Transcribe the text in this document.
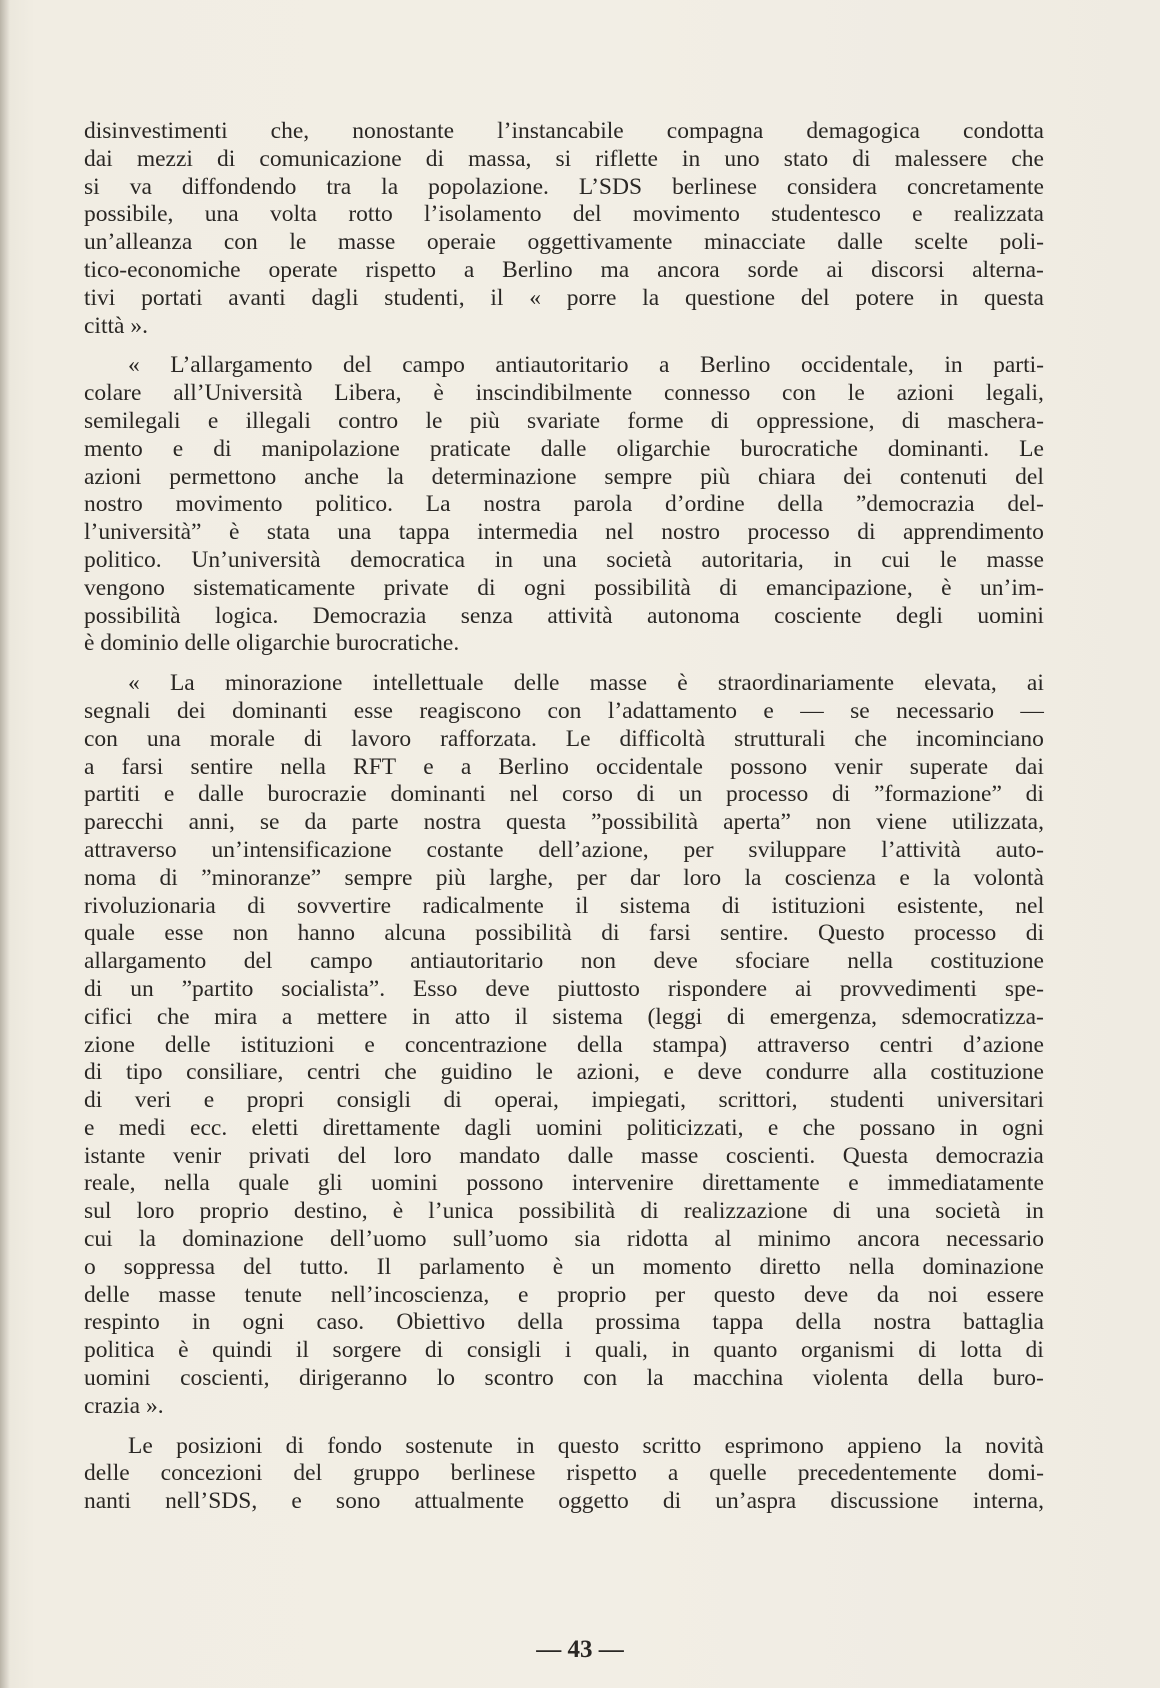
disinvestimenti che, nonostante l’instancabile compagna demagogica condotta
dai mezzi di comunicazione di massa, si riflette in uno stato di malessere che
si va diffondendo tra la popolazione. L’SDS berlinese considera concretamente
possibile, una volta rotto l’isolamento del movimento studentesco e realizzata
un’alleanza con le masse operaie oggettivamente minacciate dalle scelte poli-
tico-economiche operate rispetto a Berlino ma ancora sorde ai discorsi alterna-
tivi portati avanti dagli studenti, il « porre la questione del potere in questa
città ».
« L’allargamento del campo antiautoritario a Berlino occidentale, in parti-
colare all’Università Libera, è inscindibilmente connesso con le azioni legali,
semilegali e illegali contro le più svariate forme di oppressione, di maschera-
mento e di manipolazione praticate dalle oligarchie burocratiche dominanti. Le
azioni permettono anche la determinazione sempre più chiara dei contenuti del
nostro movimento politico. La nostra parola d’ordine della ”democrazia del-
l’università” è stata una tappa intermedia nel nostro processo di apprendimento
politico. Un’università democratica in una società autoritaria, in cui le masse
vengono sistematicamente private di ogni possibilità di emancipazione, è un’im-
possibilità logica. Democrazia senza attività autonoma cosciente degli uomini
è dominio delle oligarchie burocratiche.
« La minorazione intellettuale delle masse è straordinariamente elevata, ai
segnali dei dominanti esse reagiscono con l’adattamento e — se necessario —
con una morale di lavoro rafforzata. Le difficoltà strutturali che incominciano
a farsi sentire nella RFT e a Berlino occidentale possono venir superate dai
partiti e dalle burocrazie dominanti nel corso di un processo di ”formazione” di
parecchi anni, se da parte nostra questa ”possibilità aperta” non viene utilizzata,
attraverso un’intensificazione costante dell’azione, per sviluppare l’attività auto-
noma di ”minoranze” sempre più larghe, per dar loro la coscienza e la volontà
rivoluzionaria di sovvertire radicalmente il sistema di istituzioni esistente, nel
quale esse non hanno alcuna possibilità di farsi sentire. Questo processo di
allargamento del campo antiautoritario non deve sfociare nella costituzione
di un ”partito socialista”. Esso deve piuttosto rispondere ai provvedimenti spe-
cifici che mira a mettere in atto il sistema (leggi di emergenza, sdemocratizza-
zione delle istituzioni e concentrazione della stampa) attraverso centri d’azione
di tipo consiliare, centri che guidino le azioni, e deve condurre alla costituzione
di veri e propri consigli di operai, impiegati, scrittori, studenti universitari
e medi ecc. eletti direttamente dagli uomini politicizzati, e che possano in ogni
istante venir privati del loro mandato dalle masse coscienti. Questa democrazia
reale, nella quale gli uomini possono intervenire direttamente e immediatamente
sul loro proprio destino, è l’unica possibilità di realizzazione di una società in
cui la dominazione dell’uomo sull’uomo sia ridotta al minimo ancora necessario
o soppressa del tutto. Il parlamento è un momento diretto nella dominazione
delle masse tenute nell’incoscienza, e proprio per questo deve da noi essere
respinto in ogni caso. Obiettivo della prossima tappa della nostra battaglia
politica è quindi il sorgere di consigli i quali, in quanto organismi di lotta di
uomini coscienti, dirigeranno lo scontro con la macchina violenta della buro-
crazia ».
Le posizioni di fondo sostenute in questo scritto esprimono appieno la novità
delle concezioni del gruppo berlinese rispetto a quelle precedentemente domi-
nanti nell’SDS, e sono attualmente oggetto di un’aspra discussione interna,
— 43 —
